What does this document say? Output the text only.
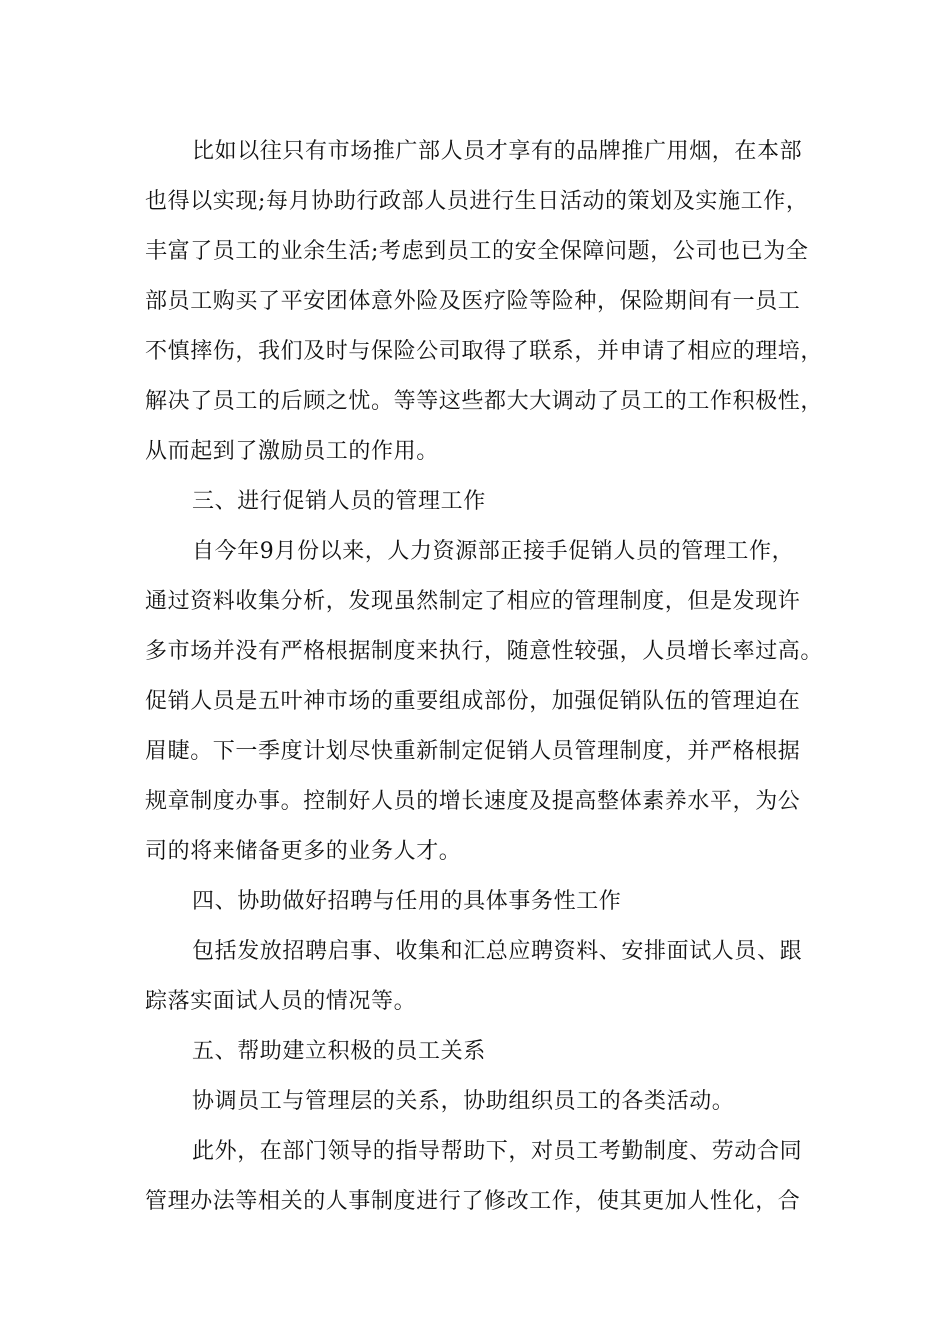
比如以往只有市场推广部人员才享有的品牌推广用烟，在本部
也得以实现;每月协助行政部人员进行生日活动的策划及实施工作，
丰富了员工的业余生活;考虑到员工的安全保障问题，公司也已为全
部员工购买了平安团体意外险及医疗险等险种，保险期间有一员工
不慎摔伤，我们及时与保险公司取得了联系，并申请了相应的理培，
解决了员工的后顾之忧。等等这些都大大调动了员工的工作积极性，
从而起到了激励员工的作用。
三、进行促销人员的管理工作
自今年9月份以来，人力资源部正接手促销人员的管理工作，
通过资料收集分析，发现虽然制定了相应的管理制度，但是发现许
多市场并没有严格根据制度来执行，随意性较强，人员增长率过高。
促销人员是五叶神市场的重要组成部份，加强促销队伍的管理迫在
眉睫。下一季度计划尽快重新制定促销人员管理制度，并严格根据
规章制度办事。控制好人员的增长速度及提高整体素养水平，为公
司的将来储备更多的业务人才。
四、协助做好招聘与任用的具体事务性工作
包括发放招聘启事、收集和汇总应聘资料、安排面试人员、跟
踪落实面试人员的情况等。
五、帮助建立积极的员工关系
协调员工与管理层的关系，协助组织员工的各类活动。
此外，在部门领导的指导帮助下，对员工考勤制度、劳动合同
管理办法等相关的人事制度进行了修改工作，使其更加人性化，合
